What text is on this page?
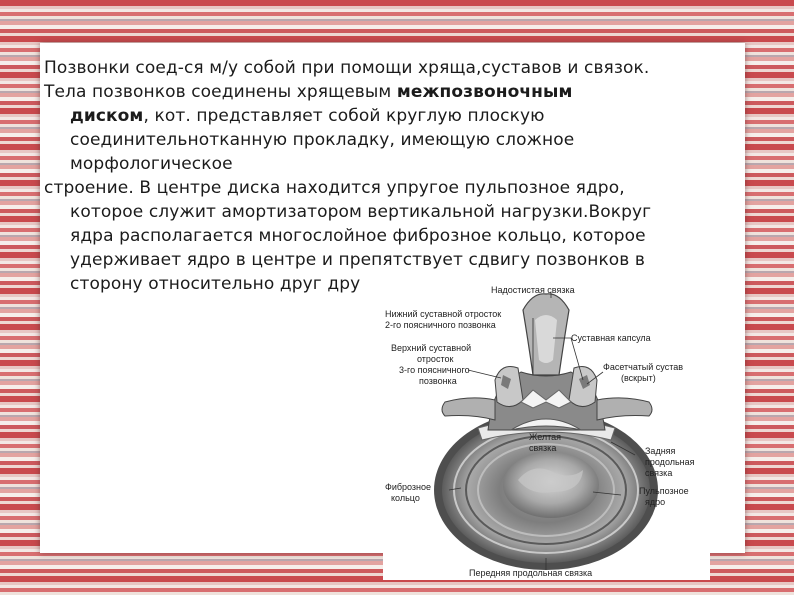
Позвонки соед-ся м/у собой при помощи хряща,суставов и связок.

Тела позвонков соединены хрящевым межпозвоночным

диском, кот. представляет собой круглую плоскую

соединительнотканную прокладку, имеющую сложное

морфологическое

строение. В центре диска находится упругое пульпозное ядро,

которое служит амортизатором вертикальной нагрузки.Вокруг

ядра располагается многослойное фиброзное кольцо, которое

удерживает ядро в центре и препятствует сдвигу позвонков в

сторону относительно друг дру	Надостистая связка
Нижний суставной отросток
2-го поясничного позвонка
Суставная капсула
Верхний суставной
отросток
3-го поясничного
позвонка
Фасетчатый сустав
(вскрыт)
Желтая
связка	Задняя
продольная
связка
Фиброзное
кольцо
Пульпозное
ядро
Передняя продольная связка
